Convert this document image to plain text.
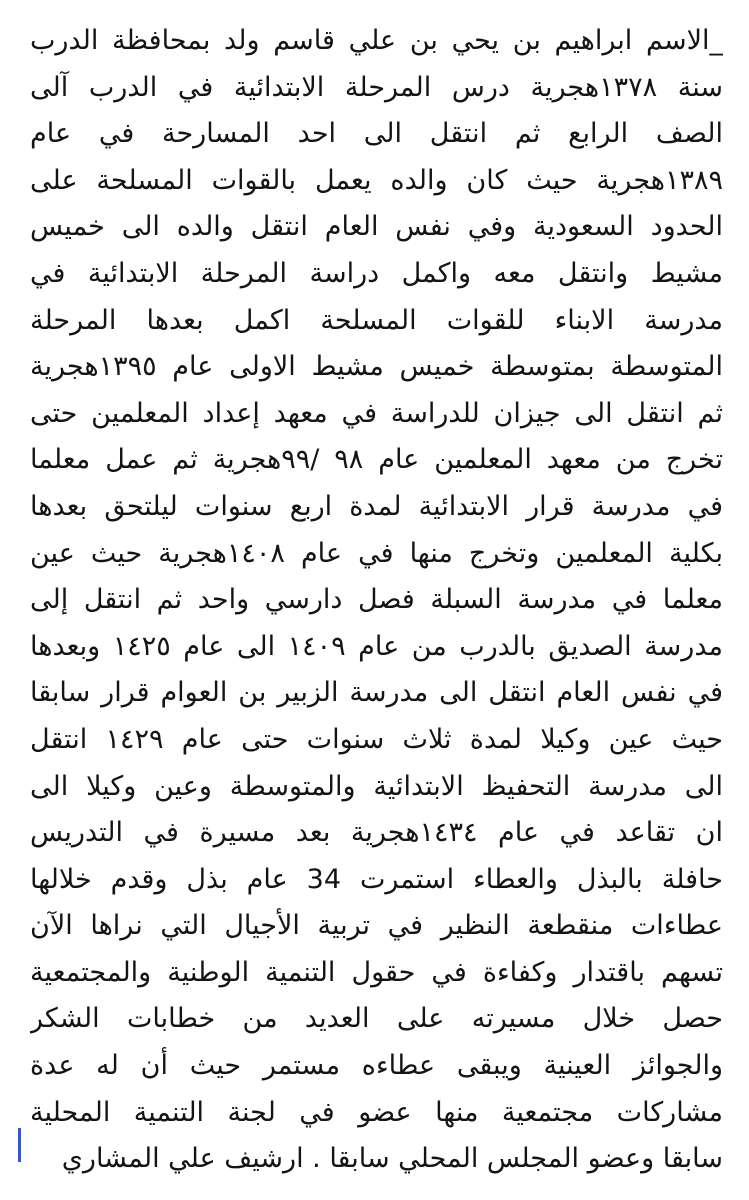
_الاسم ابراهيم بن يحي بن علي قاسم ولد بمحافظة الدرب
سنة ١٣٧٨هجرية درس المرحلة الابتدائية في الدرب آلى
الصف الرابع ثم انتقل الى احد المسارحة في عام
١٣٨٩هجرية حيث كان والده يعمل بالقوات المسلحة على
الحدود السعودية وفي نفس العام انتقل والده الى خميس
مشيط وانتقل معه واكمل دراسة المرحلة الابتدائية في
مدرسة الابناء للقوات المسلحة اكمل بعدها المرحلة
المتوسطة بمتوسطة خميس مشيط الاولى عام ١٣٩٥هجرية
ثم انتقل الى جيزان للدراسة في معهد إعداد المعلمين حتى
تخرج من معهد المعلمين عام ٩٨ /٩٩هجرية ثم عمل معلما
في مدرسة قرار الابتدائية لمدة اربع سنوات ليلتحق بعدها
بكلية المعلمين وتخرج منها في عام ١٤٠٨هجرية حيث عين
معلما في مدرسة السبلة فصل دارسي واحد ثم انتقل إلى
مدرسة الصديق بالدرب من عام ١٤٠٩ الى عام ١٤٢٥ وبعدها
في نفس العام انتقل الى مدرسة الزبير بن العوام قرار سابقا
حيث عين وكيلا لمدة ثلاث سنوات حتى عام ١٤٢٩ انتقل
الى مدرسة التحفيظ الابتدائية والمتوسطة وعين وكيلا الى
ان تقاعد في عام ١٤٣٤هجرية بعد مسيرة في التدريس
حافلة بالبذل والعطاء استمرت 34 عام بذل وقدم خلالها
عطاءات منقطعة النظير في تربية الأجيال التي نراها الآن
تسهم باقتدار وكفاءة في حقول التنمية الوطنية والمجتمعية
حصل خلال مسيرته على العديد من خطابات الشكر
والجوائز العينية ويبقى عطاءه مستمر حيث أن له عدة
مشاركات مجتمعية منها عضو في لجنة التنمية المحلية
سابقا وعضو المجلس المحلي سابقا . ارشيف علي المشاري
